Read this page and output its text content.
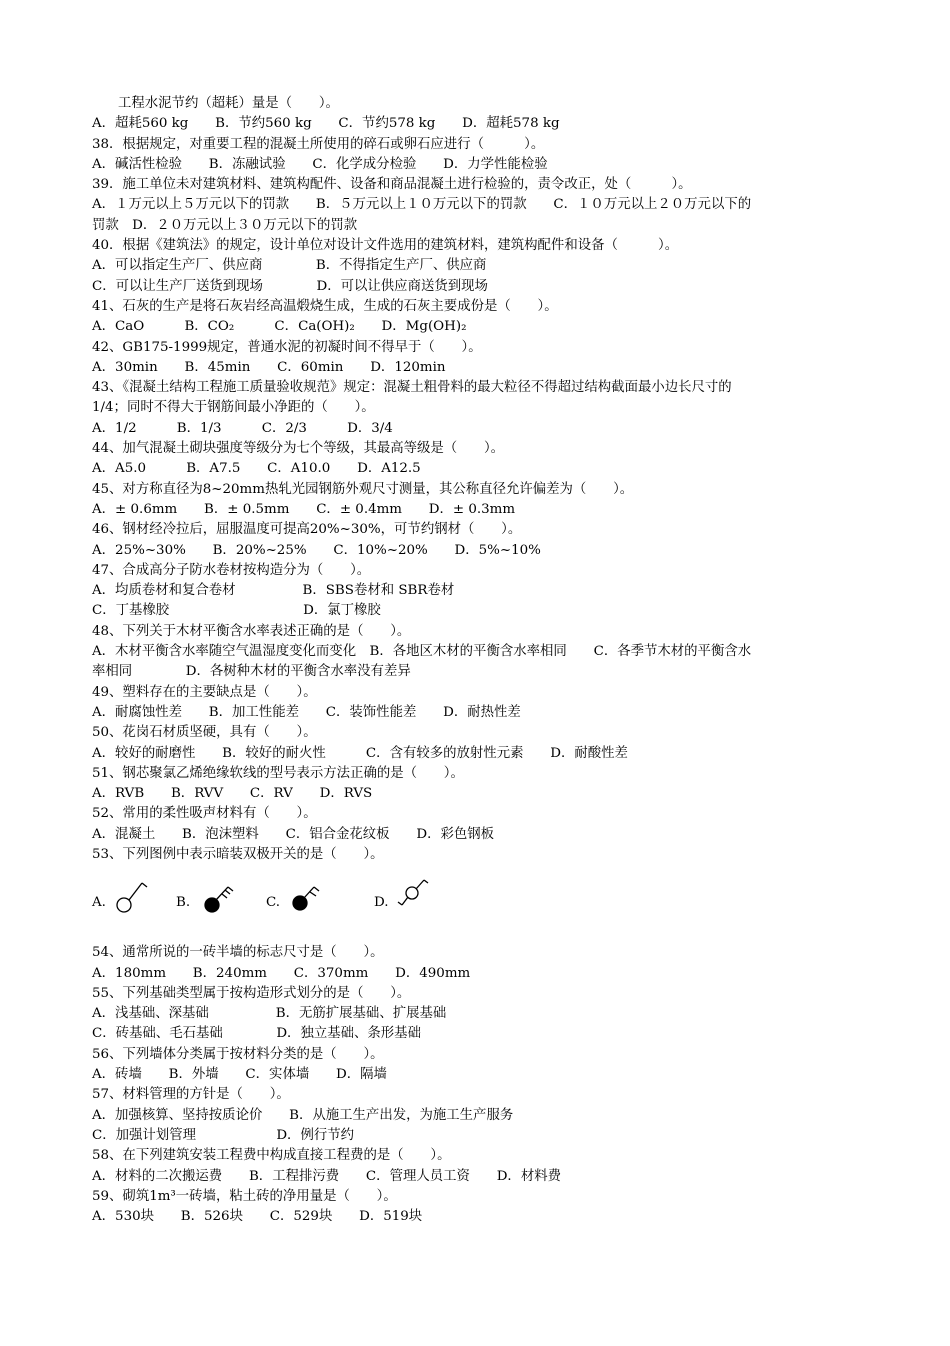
工程水泥节约（超耗）量是（　　）。
A．超耗560 kg　　B．节约560 kg　　C．节约578 kg　　D．超耗578 kg
38．根据规定，对重要工程的混凝土所使用的碎石或卵石应进行（　　　）。
A．碱活性检验　　B．冻融试验　　C．化学成分检验　　D．力学性能检验
39．施工单位未对建筑材料、建筑构配件、设备和商品混凝土进行检验的，责令改正，处（　　　）。
A．１万元以上５万元以下的罚款　　B．５万元以上１０万元以下的罚款　　C．１０万元以上２０万元以下的
罚款　D．２０万元以上３０万元以下的罚款
40．根据《建筑法》的规定，设计单位对设计文件选用的建筑材料，建筑构配件和设备（　　　）。
A．可以指定生产厂、供应商　　　　B．不得指定生产厂、供应商
C．可以让生产厂送货到现场　　　　D．可以让供应商送货到现场
41、石灰的生产是将石灰岩经高温煅烧生成，生成的石灰主要成份是（　　）。
A．CaO　　　B．CO₂　　　C．Ca(OH)₂　　D．Mg(OH)₂
42、GB175-1999规定，普通水泥的初凝时间不得早于（　　）。
A．30min　　B．45min　　C．60min　　D．120min
43、《混凝土结构工程施工质量验收规范》规定：混凝土粗骨料的最大粒径不得超过结构截面最小边长尺寸的
1/4；同时不得大于钢筋间最小净距的（　　）。
A．1/2　　　B．1/3　　　C．2/3　　　D．3/4
44、加气混凝土砌块强度等级分为七个等级，其最高等级是（　　）。
A．A5.0　　　B．A7.5　　C．A10.0　　D．A12.5
45、对方称直径为8~20mm热轧光园钢筋外观尺寸测量，其公称直径允许偏差为（　　）。
A．± 0.6mm　　B．± 0.5mm　　C．± 0.4mm　　D．± 0.3mm
46、钢材经冷拉后，屈服温度可提高20%~30%，可节约钢材（　　）。
A．25%~30%　　B．20%~25%　　C．10%~20%　　D．5%~10%
47、合成高分子防水卷材按构造分为（　　）。
A．均质卷材和复合卷材　　　　　B．SBS卷材和 SBR卷材
C．丁基橡胶　　　　　　　　　　D．氯丁橡胶
48、下列关于木材平衡含水率表述正确的是（　　）。
A．木材平衡含水率随空气温湿度变化而变化　B．各地区木材的平衡含水率相同　　C．各季节木材的平衡含水
率相同　　　　D．各树种木材的平衡含水率没有差异
49、塑料存在的主要缺点是（　　）。
A．耐腐蚀性差　　B．加工性能差　　C．装饰性能差　　D．耐热性差
50、花岗石材质坚硬，具有（　　）。
A．较好的耐磨性　　B．较好的耐火性　　　C．含有较多的放射性元素　　D．耐酸性差
51、钢芯聚氯乙烯绝缘软线的型号表示方法正确的是（　　）。
A．RVB　　B．RVV　　C．RV　　D．RVS
52、常用的柔性吸声材料有（　　）。
A．混凝土　　B．泡沫塑料　　C．铝合金花纹板　　D．彩色钢板
53、下列图例中表示暗装双极开关的是（　　）。
A.	B.	C.	D.
54、通常所说的一砖半墙的标志尺寸是（　　）。
A．180mm　　B．240mm　　C．370mm　　D．490mm
55、下列基础类型属于按构造形式划分的是（　　）。
A．浅基础、深基础　　　　　B．无筋扩展基础、扩展基础
C．砖基础、毛石基础　　　　D．独立基础、条形基础
56、下列墙体分类属于按材料分类的是（　　）。
A．砖墙　　B．外墙　　C．实体墙　　D．隔墙
57、材料管理的方针是（　　）。
A．加强核算、坚持按质论价　　B．从施工生产出发，为施工生产服务
C．加强计划管理　　　　　　D．例行节约
58、在下列建筑安装工程费中构成直接工程费的是（　　）。
A．材料的二次搬运费　　B．工程排污费　　C．管理人员工资　　D．材料费
59、砌筑1m³一砖墙，粘土砖的净用量是（　　）。
A．530块　　B．526块　　C．529块　　D．519块
